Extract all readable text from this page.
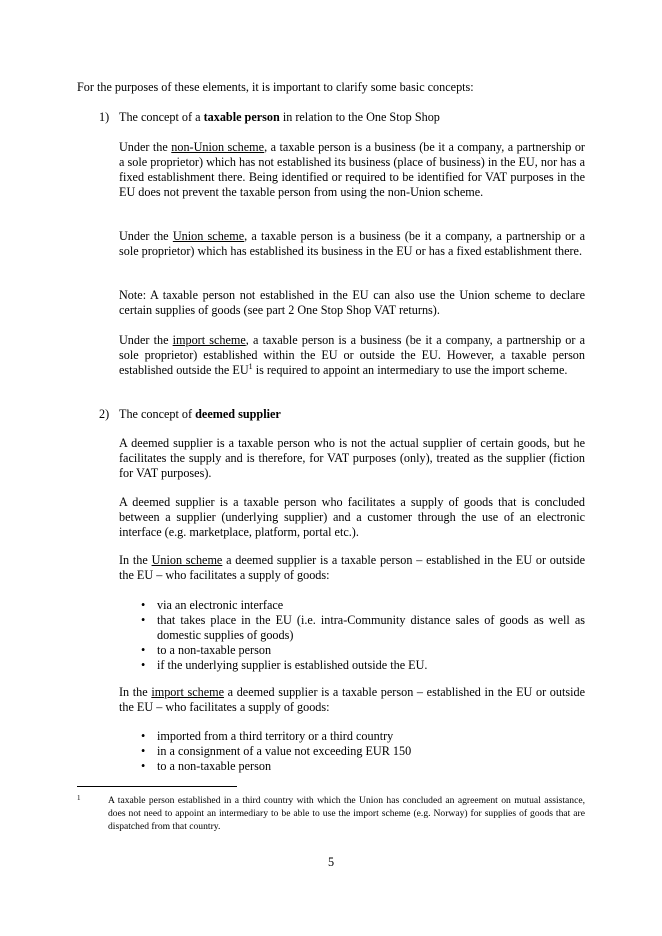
For the purposes of these elements, it is important to clarify some basic concepts:

1) The concept of a taxable person in relation to the One Stop Shop

Under the non-Union scheme, a taxable person is a business (be it a company, a partnership or a sole proprietor) which has not established its business (place of business) in the EU, nor has a fixed establishment there. Being identified or required to be identified for VAT purposes in the EU does not prevent the taxable person from using the non-Union scheme.

Under the Union scheme, a taxable person is a business (be it a company, a partnership or a sole proprietor) which has established its business in the EU or has a fixed establishment there.

Note: A taxable person not established in the EU can also use the Union scheme to declare certain supplies of goods (see part 2 One Stop Shop VAT returns).

Under the import scheme, a taxable person is a business (be it a company, a partnership or a sole proprietor) established within the EU or outside the EU. However, a taxable person established outside the $EU^1$ is required to appoint an intermediary to use the import scheme.

2) The concept of deemed supplier

A deemed supplier is a taxable person who is not the actual supplier of certain goods, but he facilitates the supply and is therefore, for VAT purposes (only), treated as the supplier (fiction for VAT purposes).

A deemed supplier is a taxable person who facilitates a supply of goods that is concluded between a supplier (underlying supplier) and a customer through the use of an electronic interface (e.g. marketplace, platform, portal etc.).

In the Union scheme a deemed supplier is a taxable person – established in the EU or outside the EU – who facilitates a supply of goods:

• via an electronic interface
• that takes place in the EU (i.e. intra-Community distance sales of goods as well as domestic supplies of goods)
• to a non-taxable person
• if the underlying supplier is established outside the EU.

In the import scheme a deemed supplier is a taxable person – established in the EU or outside the EU – who facilitates a supply of goods:

• imported from a third territory or a third country
• in a consignment of a value not exceeding EUR 150
• to a non-taxable person
1	A taxable person established in a third country with which the Union has concluded an agreement on mutual assistance, does not need to appoint an intermediary to be able to use the import scheme (e.g. Norway) for supplies of goods that are dispatched from that country.

5
